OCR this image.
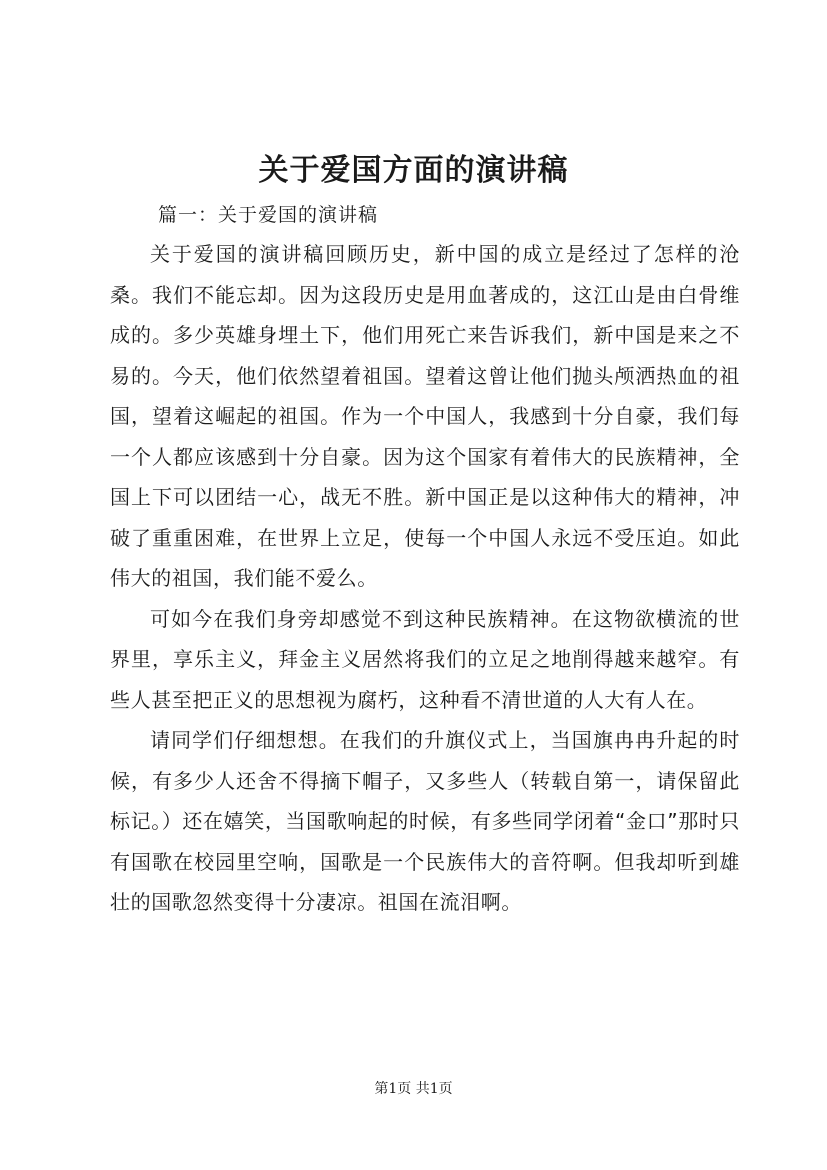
关于爱国方面的演讲稿

篇一：关于爱国的演讲稿

关于爱国的演讲稿回顾历史，新中国的成立是经过了怎样的沧桑。我们不能忘却。因为这段历史是用血著成的，这江山是由白骨维成的。多少英雄身埋土下，他们用死亡来告诉我们，新中国是来之不易的。今天，他们依然望着祖国。望着这曾让他们抛头颅洒热血的祖国，望着这崛起的祖国。作为一个中国人，我感到十分自豪，我们每一个人都应该感到十分自豪。因为这个国家有着伟大的民族精神，全国上下可以团结一心，战无不胜。新中国正是以这种伟大的精神，冲破了重重困难，在世界上立足，使每一个中国人永远不受压迫。如此伟大的祖国，我们能不爱么。

可如今在我们身旁却感觉不到这种民族精神。在这物欲横流的世界里，享乐主义，拜金主义居然将我们的立足之地削得越来越窄。有些人甚至把正义的思想视为腐朽，这种看不清世道的人大有人在。

请同学们仔细想想。在我们的升旗仪式上，当国旗冉冉升起的时候，有多少人还舍不得摘下帽子，又多些人（转载自第一，请保留此标记。）还在嬉笑，当国歌响起的时候，有多些同学闭着“金口”那时只有国歌在校园里空响，国歌是一个民族伟大的音符啊。但我却听到雄壮的国歌忽然变得十分凄凉。祖国在流泪啊。

第1页 共1页
